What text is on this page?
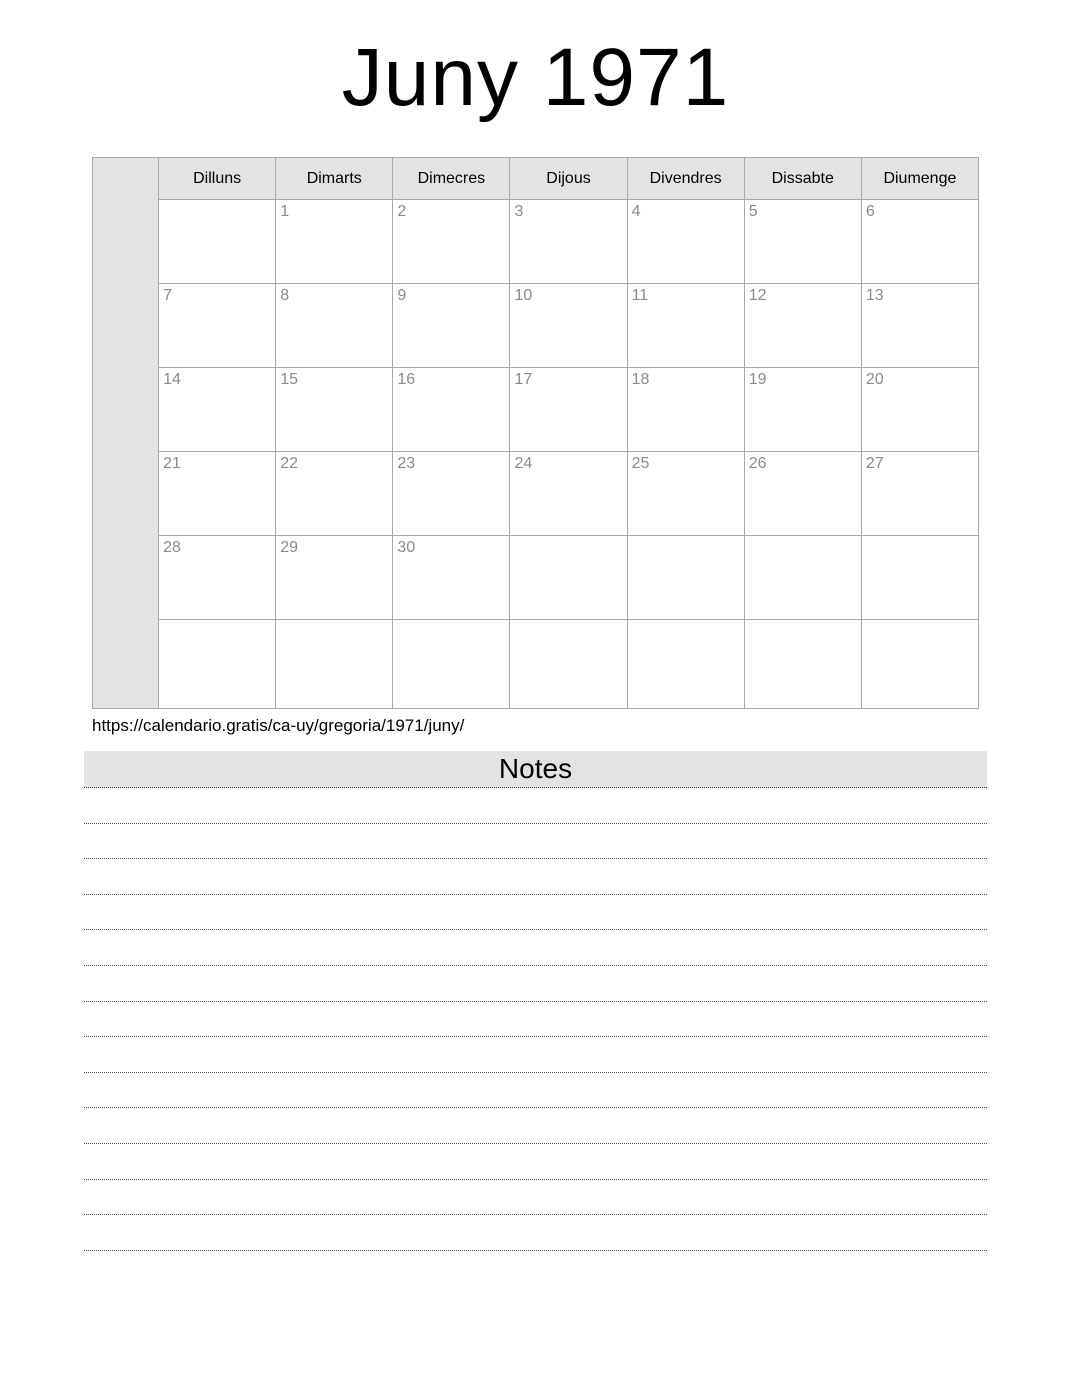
Juny 1971
	Dilluns	Dimarts	Dimecres	Dijous	Divendres	Dissabte	Diumenge
		1	2	3	4	5	6
	7	8	9	10	11	12	13
	14	15	16	17	18	19	20
	21	22	23	24	25	26	27
	28	29	30				

https://calendario.gratis/ca-uy/gregoria/1971/juny/
Notes
